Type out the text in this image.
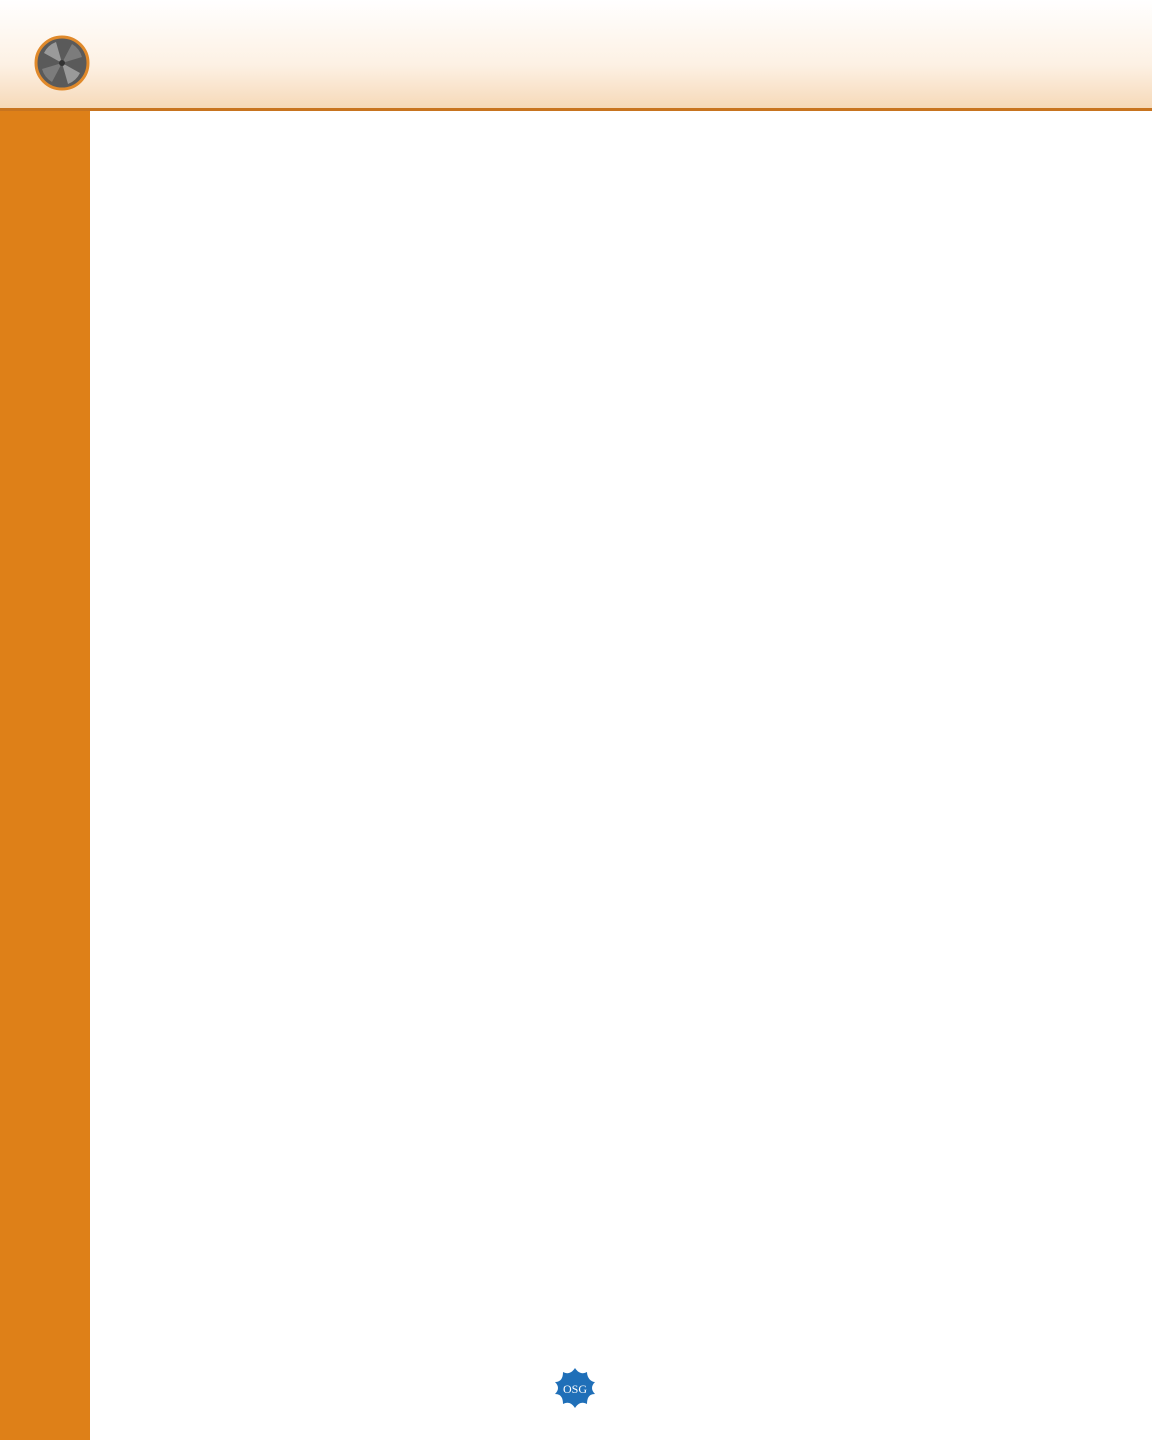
OSG
